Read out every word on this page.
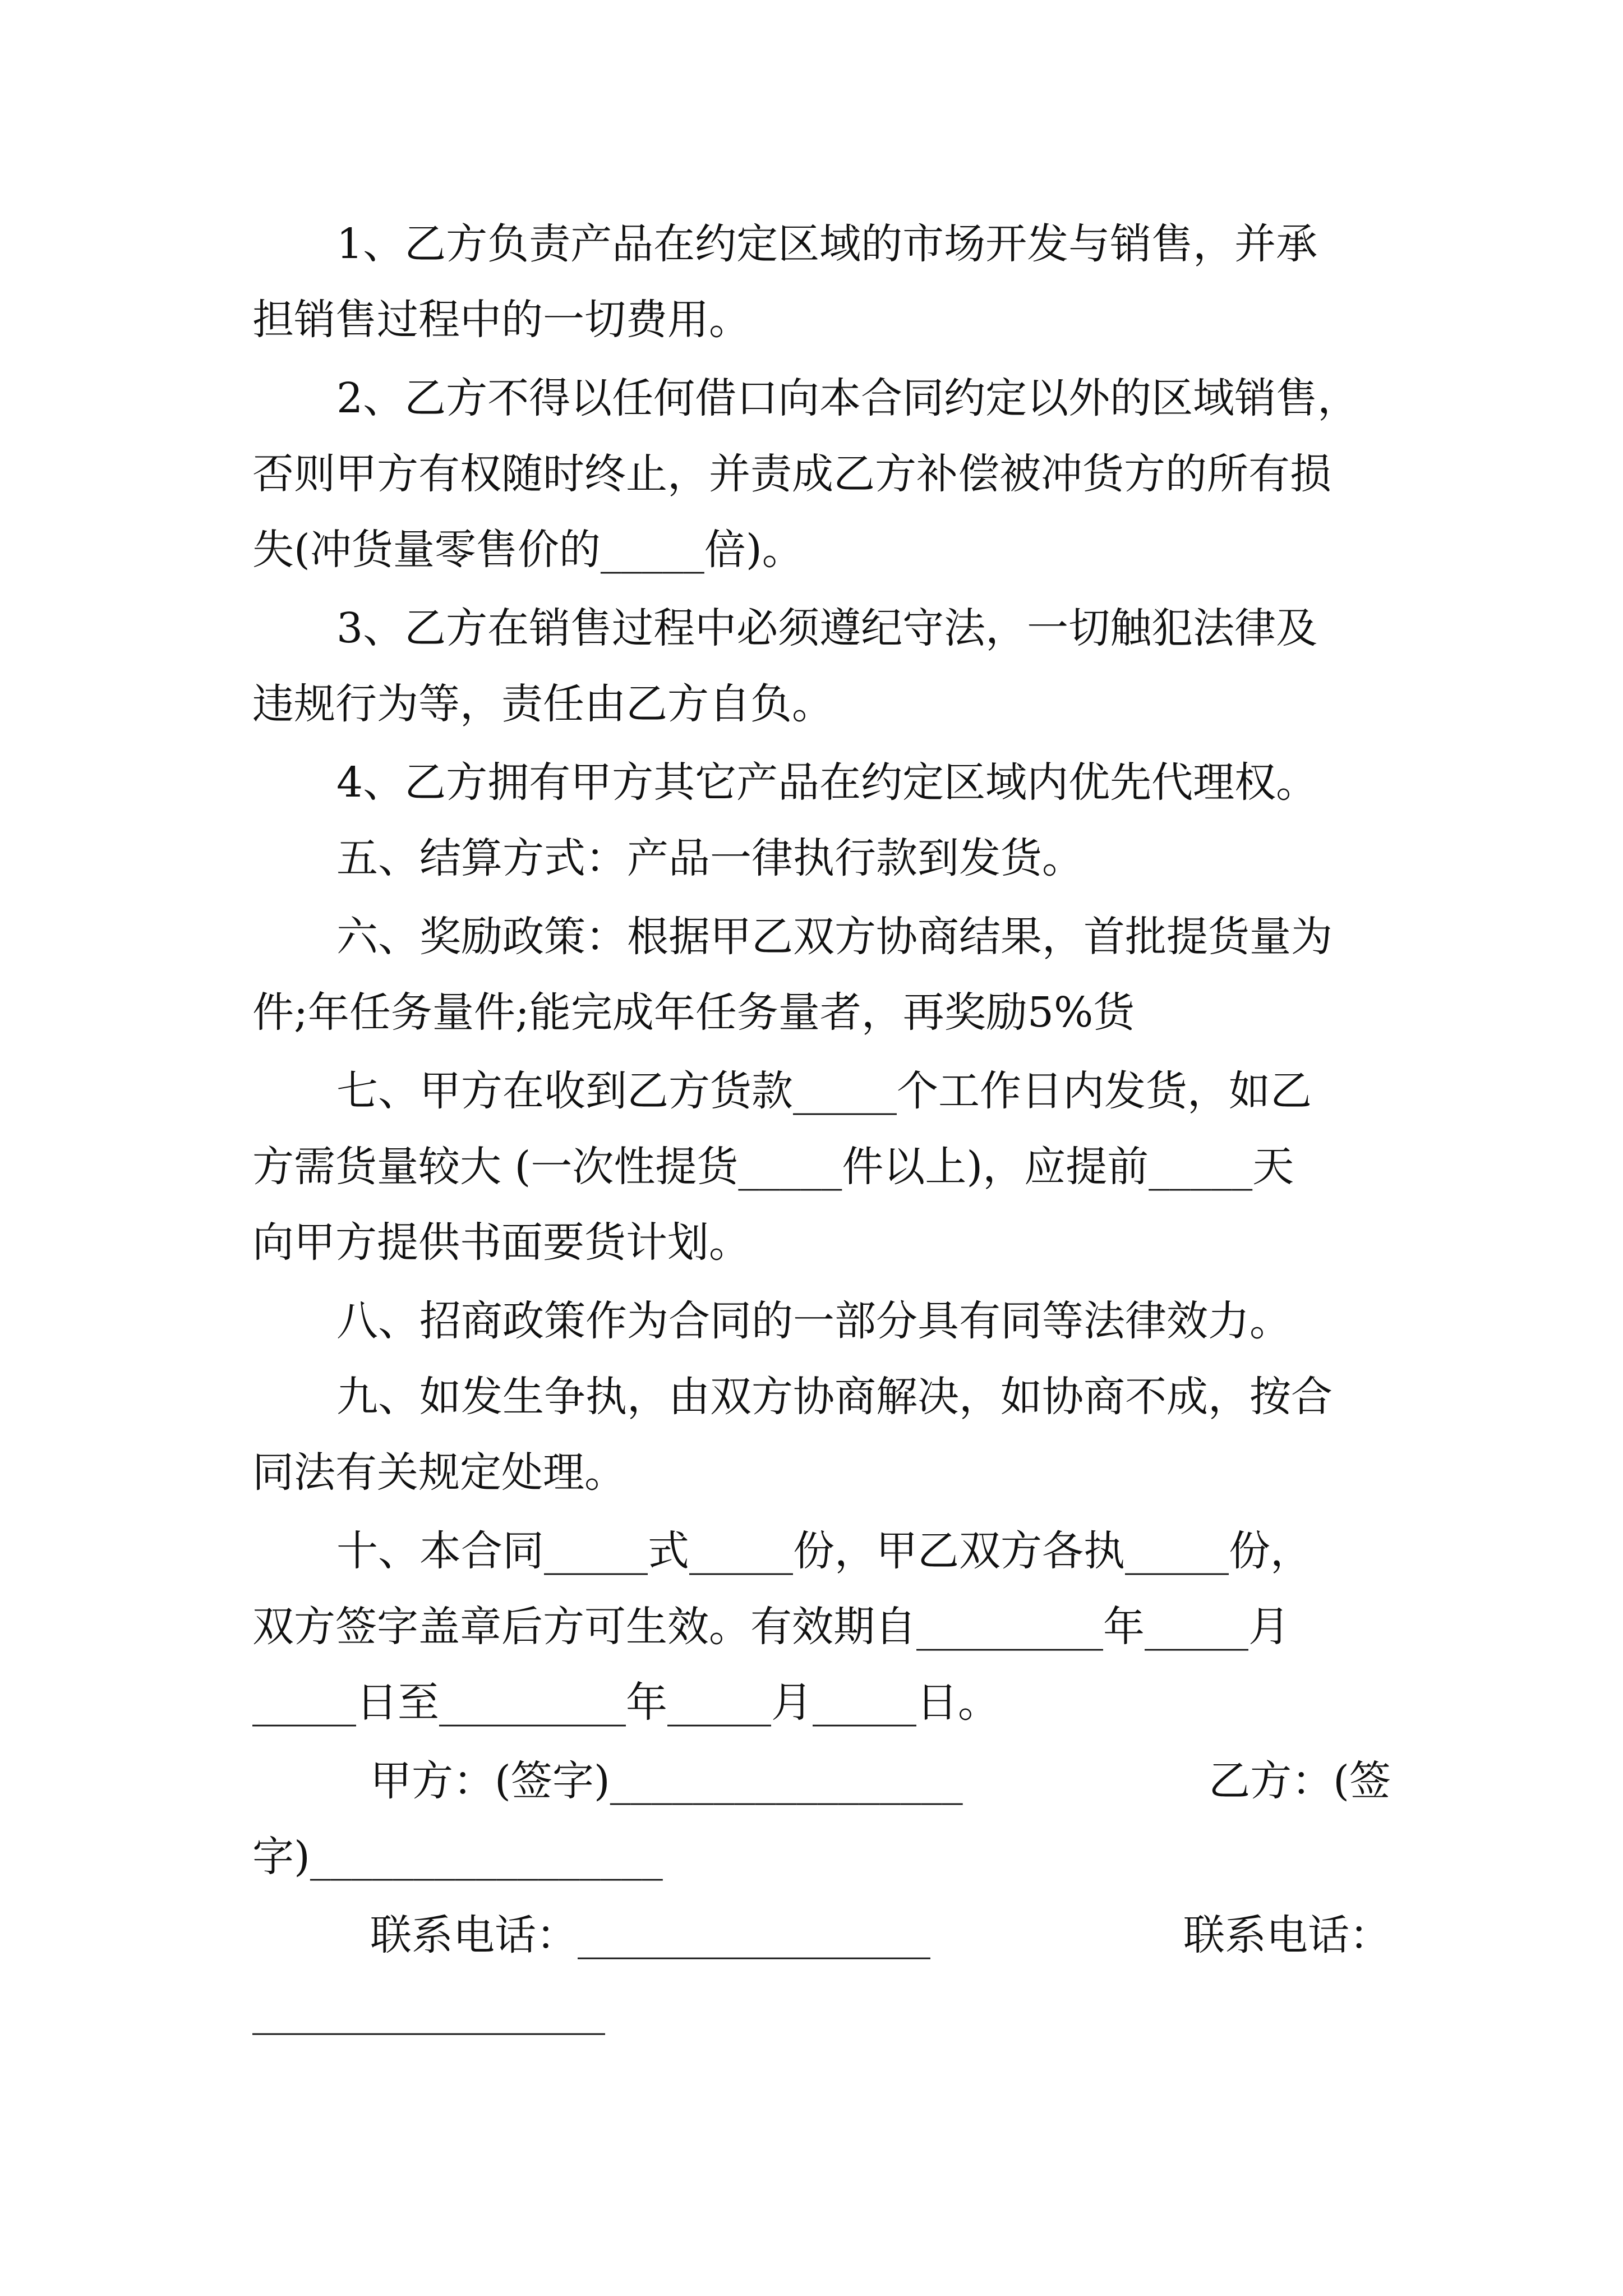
1、乙方负责产品在约定区域的市场开发与销售，并承
担销售过程中的一切费用。
2、乙方不得以任何借口向本合同约定以外的区域销售，
否则甲方有权随时终止，并责成乙方补偿被冲货方的所有损
失(冲货量零售价的_____倍)。
3、乙方在销售过程中必须遵纪守法，一切触犯法律及
违规行为等，责任由乙方自负。
4、乙方拥有甲方其它产品在约定区域内优先代理权。
五、结算方式：产品一律执行款到发货。
六、奖励政策：根据甲乙双方协商结果，首批提货量为
件;年任务量件;能完成年任务量者，再奖励5%货
七、甲方在收到乙方货款_____个工作日内发货，如乙
方需货量较大 (一次性提货_____件以上)，应提前_____天
向甲方提供书面要货计划。
八、招商政策作为合同的一部分具有同等法律效力。
九、如发生争执，由双方协商解决，如协商不成，按合
同法有关规定处理。
十、本合同_____式_____份，甲乙双方各执_____份，
双方签字盖章后方可生效。有效期自_________年_____月
_____日至_________年_____月_____日。
甲方：(签字)_________________	乙方：(签
字)_________________
联系电话：_________________	联系电话：
_________________
